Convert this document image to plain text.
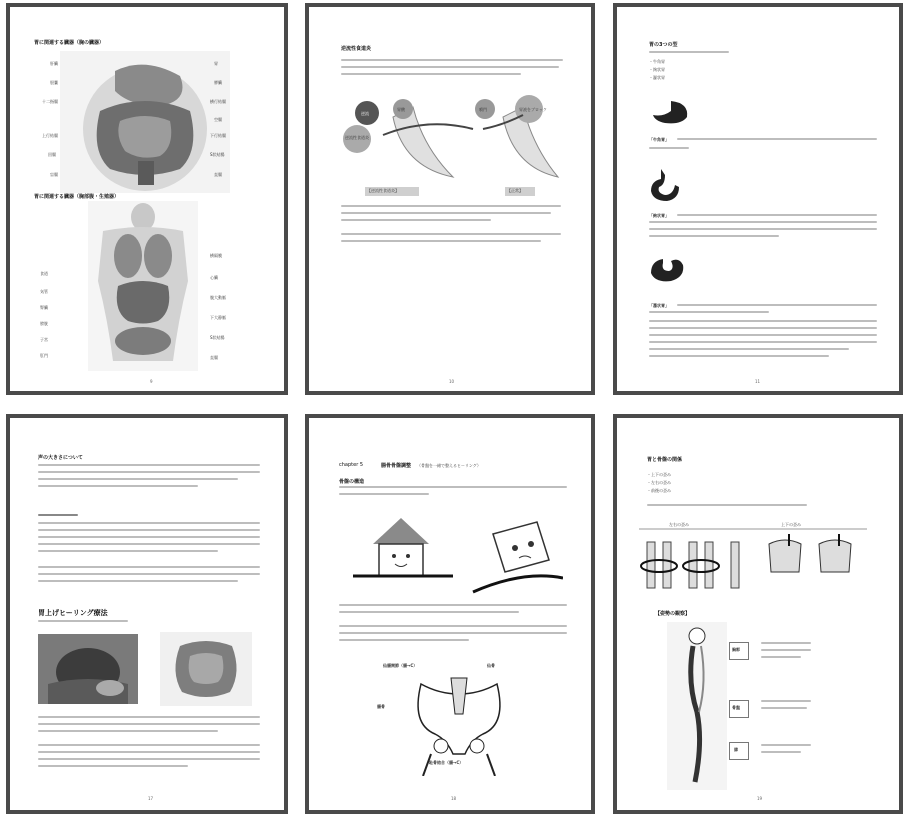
胃に関連する臓器（胸の臓器）
肝臓
胆嚢
十二指腸
上行結腸
回腸
盲腸
胃
膵臓
横行結腸
空腸
下行結腸
S状結腸
直腸
胃に関連する臓器（胸部腹・生殖器）
食道
気管
腎臓
膀胱
子宮
肛門
横隔膜
心臓
腹大動脈
下大静脈
S状結腸
直腸
9
逆流性食道炎
逆流
胃酸
逆流性食道炎
噴門	胃液をブロック
【逆流性食道炎】	【正常】
10
胃の3つの型
・牛角胃
・鉤状胃
・瀑状胃
「牛角胃」
「鉤状胃」
「瀑状胃」
11
声の大きさについて
胃上げヒーリング療法
17
chapter 5	腸骨骨盤調整 （骨盤を一緒で整えるヒーリング）
骨盤の構造
仙腸関節（腸→C）	仙骨
腸骨
恥骨結合（腸→C）
18
胃と骨盤の関係
・上下の歪み
・左右の歪み
・前後の歪み
左右の歪み	上下の歪み
【姿勢の観察】
胸郭
骨盤
膝
19
